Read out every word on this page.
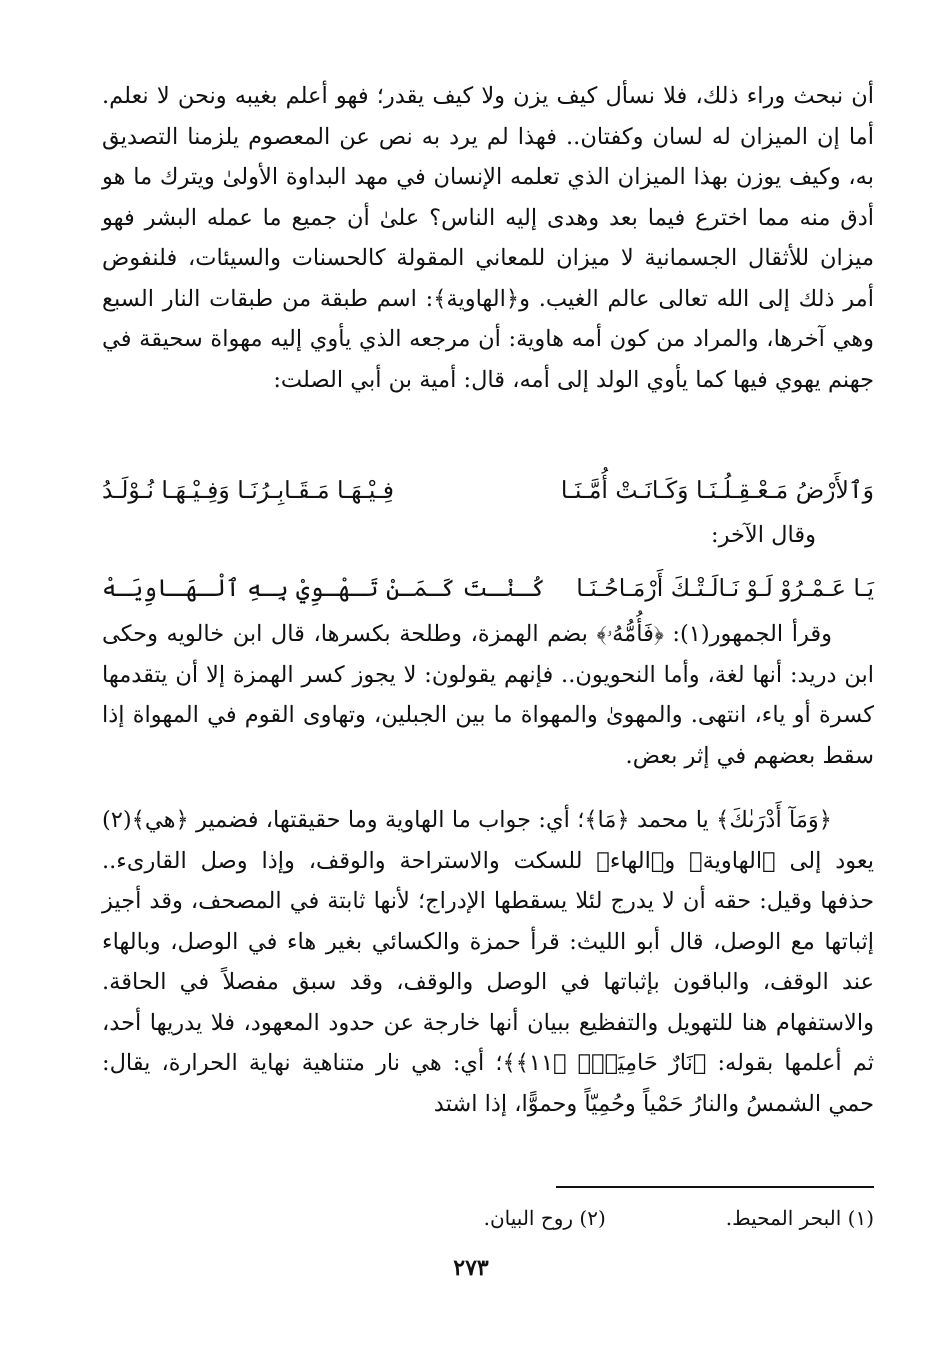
أن نبحث وراء ذلك، فلا نسأل كيف يزن ولا كيف يقدر؛ فهو أعلم بغيبه ونحن لا نعلم. أما إن الميزان له لسان وكفتان.. فهذا لم يرد به نص عن المعصوم يلزمنا التصديق به، وكيف يوزن بهذا الميزان الذي تعلمه الإنسان في مهد البداوة الأولىٰ ويترك ما هو أدق منه مما اخترع فيما بعد وهدى إليه الناس؟ علىٰ أن جميع ما عمله البشر فهو ميزان للأثقال الجسمانية لا ميزان للمعاني المقولة كالحسنات والسيئات، فلنفوض أمر ذلك إلى الله تعالى عالم الغيب. و﴿الهاوية﴾: اسم طبقة من طبقات النار السبع وهي آخرها، والمراد من كون أمه هاوية: أن مرجعه الذي يأوي إليه مهواة سحيقة في جهنم يهوي فيها كما يأوي الولد إلى أمه، قال: أمية بن أبي الصلت:

وَٱلأَرْضُ مَـعْـقِـلُـنَـا وَكَـانَـتْ أُمَّـنَـا
فِـيْـهَـا مَـقَـابِـرُنَـا وَفِـيْـهَـا نُـوْلَـدُ
وقال الآخر:
يَـا عَـمْـرُوْ لَـوْ نَـالَـتْـكَ أَرْمَـاحُـنَـا
كُـنْـتَ كَـمَـنْ تَـهْـوِيْ بِـهِ ٱلْـهَـاوِيَـهْ

وقرأ الجمهور(١): ﴿فَأُمُّهُۥ﴾ بضم الهمزة، وطلحة بكسرها، قال ابن خالويه وحكى ابن دريد: أنها لغة، وأما النحويون.. فإنهم يقولون: لا يجوز كسر الهمزة إلا أن يتقدمها كسرة أو ياء، انتهى. والمهوىٰ والمهواة ما بين الجبلين، وتهاوى القوم في المهواة إذا سقط بعضهم في إثر بعض.

﴿وَمَآ أَدْرَىٰكَ﴾ يا محمد ﴿مَا﴾؛ أي: جواب ما الهاوية وما حقيقتها، فضمير ﴿هي﴾(٢) يعود إلى ﴿الهاوية﴾ و﴿الهاء﴾ للسكت والاستراحة والوقف، وإذا وصل القارىء.. حذفها وقيل: حقه أن لا يدرج لئلا يسقطها الإدراج؛ لأنها ثابتة في المصحف، وقد أجيز إثباتها مع الوصل، قال أبو الليث: قرأ حمزة والكسائي بغير هاء في الوصل، وبالهاء عند الوقف، والباقون بإثباتها في الوصل والوقف، وقد سبق مفصلاً في الحاقة. والاستفهام هنا للتهويل والتفظيع ببيان أنها خارجة عن حدود المعهود، فلا يدريها أحد، ثم أعلمها بقوله: ﴿نَارٌ حَامِيَةٌۢ ﴿١١﴾﴾؛ أي: هي نار متناهية نهاية الحرارة، يقال: حمي الشمسُ والنارُ حَمْياً وحُمِيّاً وحموًّا، إذا اشتد

(١) البحر المحيط.
(٢) روح البيان.
٢٧٣
